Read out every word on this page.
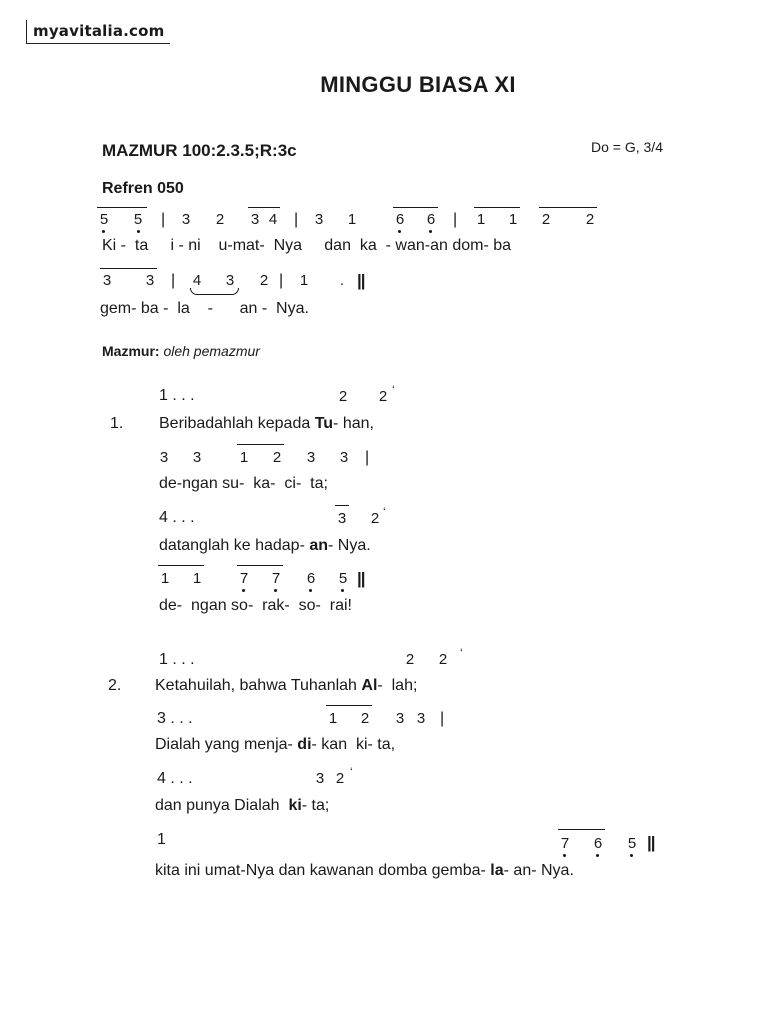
myavitalia.com
MINGGU BIASA XI
MAZMUR 100:2.3.5;R:3c	Do = G, 3/4
Refren 050
5 5 | 3 2 3 4 | 3 1	6 6 | 1 1 2 2
Ki -  ta     i - ni    u-mat-  Nya     dan  ka  - wan-an dom- ba
3 3 | 4 3 2 | 1	. ||
gem- ba -  la    -      an -  Nya.
Mazmur: oleh pemazmur
1 . . .	2 2 ‘
1. Beribadahlah kepada Tu- han,
3 3	1 2 3 3 |
de-ngan su-  ka-  ci-  ta;
4 . . .	3 2 ‘
datanglah ke hadap- an- Nya.
1 1	7 7 6 5 ||
de-  ngan so-  rak-  so-  rai!
1 . . .	2 2 ‘
2. Ketahuilah, bahwa Tuhanlah Al-  lah;
3 . . .	1 2 3 3 |
Dialah yang menja- di- kan  ki- ta,
4 . . .	3 2 ‘
dan punya Dialah  ki- ta;
1	7 6 5 ||
kita ini umat-Nya dan kawanan domba gemba- la- an- Nya.
